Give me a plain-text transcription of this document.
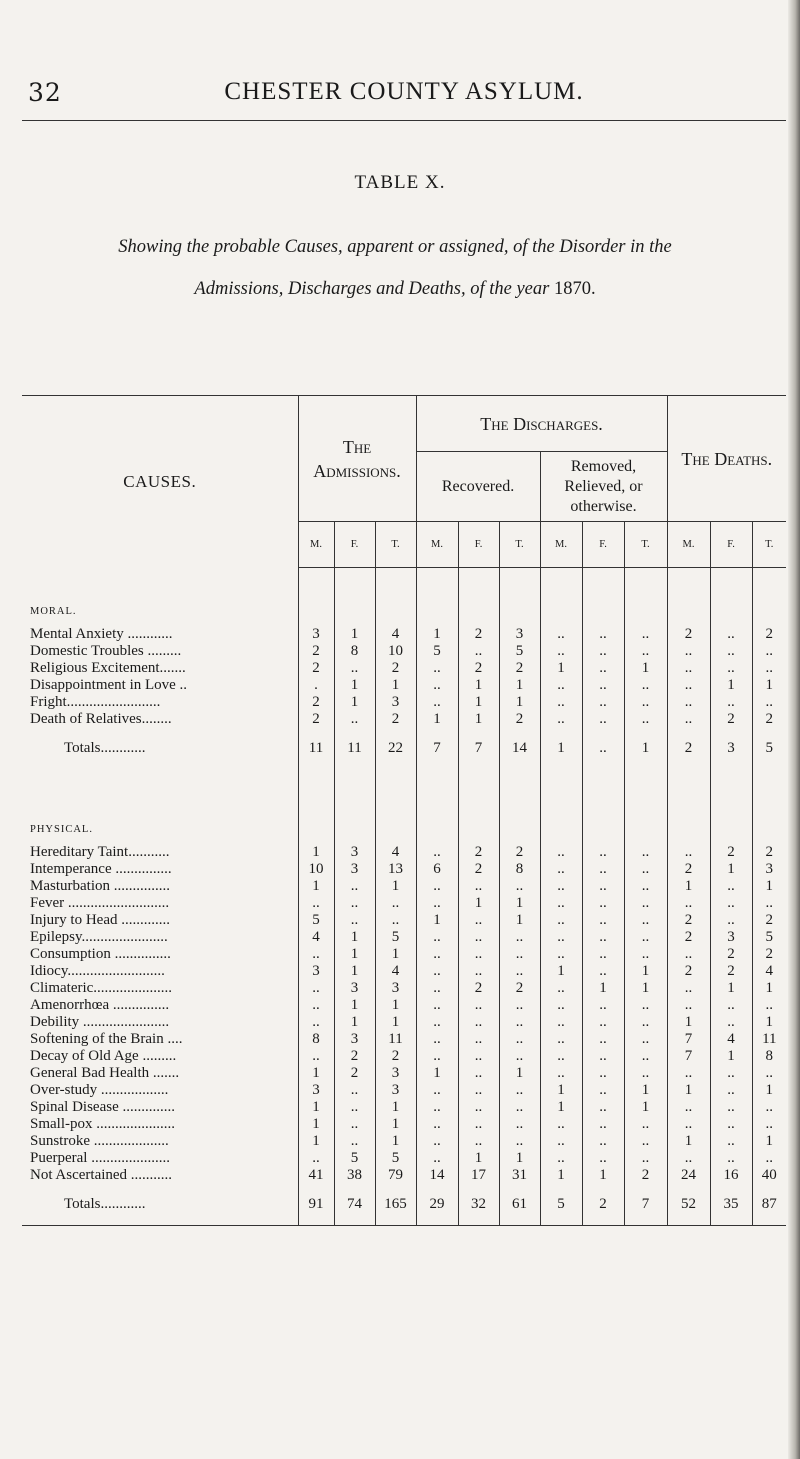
32	CHESTER COUNTY ASYLUM.
TABLE X.
Showing the probable Causes, apparent or assigned, of the Disorder in the
Admissions, Discharges and Deaths, of the year 1870.
CAUSES.	The Admissions.			The Discharges.						The Deaths.		
				Recovered.			Removed, Relieved, or otherwise.					
	M.	F.	T.	M.	F.	T.	M.	F.	T.	M.	F.	T.
MORAL.												
Mental Anxiety ............	3	1	4	1	2	3	..	..	..	2	..	2
Domestic Troubles .........	2	8	10	5	..	5	..	..	..	..	..	..
Religious Excitement.......	2	..	2	..	2	2	1	..	1	..	..	..
Disappointment in Love ..	.	1	1	..	1	1	..	..	..	..	1	1
Fright.........................	2	1	3	..	1	1	..	..	..	..	..	..
Death of Relatives........	2	..	2	1	1	2	..	..	..	..	2	2
Totals............	11	11	22	7	7	14	1	..	1	2	3	5
PHYSICAL.												
Hereditary Taint...........	1	3	4	..	2	2	..	..	..	..	2	2
Intemperance ...............	10	3	13	6	2	8	..	..	..	2	1	3
Masturbation ...............	1	..	1	..	..	..	..	..	..	1	..	1
Fever ...........................	..	..	..	..	1	1	..	..	..	..	..	..
Injury to Head .............	5	..	..	1	..	1	..	..	..	2	..	2
Epilepsy.......................	4	1	5	..	..	..	..	..	..	2	3	5
Consumption ...............	..	1	1	..	..	..	..	..	..	..	2	2
Idiocy..........................	3	1	4	..	..	..	1	..	1	2	2	4
Climateric.....................	..	3	3	..	2	2	..	1	1	..	1	1
Amenorrhœa ...............	..	1	1	..	..	..	..	..	..	..	..	..
Debility .......................	..	1	1	..	..	..	..	..	..	1	..	1
Softening of the Brain ....	8	3	11	..	..	..	..	..	..	7	4	11
Decay of Old Age .........	..	2	2	..	..	..	..	..	..	7	1	8
General Bad Health .......	1	2	3	1	..	1	..	..	..	..	..	..
Over-study ..................	3	..	3	..	..	..	1	..	1	1	..	1
Spinal Disease ..............	1	..	1	..	..	..	1	..	1	..	..	..
Small-pox .....................	1	..	1	..	..	..	..	..	..	..	..	..
Sunstroke ....................	1	..	1	..	..	..	..	..	..	1	..	1
Puerperal .....................	..	5	5	..	1	1	..	..	..	..	..	..
Not Ascertained ...........	41	38	79	14	17	31	1	1	2	24	16	40
Totals............	91	74	165	29	32	61	5	2	7	52	35	87
